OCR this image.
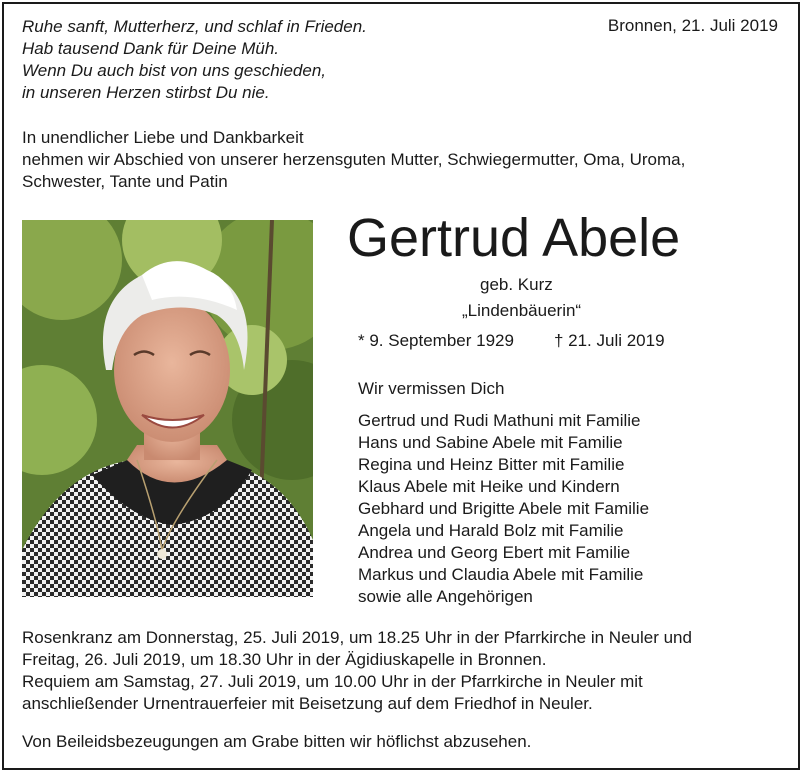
Ruhe sanft, Mutterherz, und schlaf in Frieden.
Hab tausend Dank für Deine Müh.
Wenn Du auch bist von uns geschieden,
in unseren Herzen stirbst Du nie.
Bronnen, 21. Juli 2019
In unendlicher Liebe und Dankbarkeit
nehmen wir Abschied von unserer herzensguten Mutter, Schwiegermutter, Oma, Uroma,
Schwester, Tante und Patin
Gertrud Abele
geb. Kurz
„Lindenbäuerin“
* 9. September 1929 † 21. Juli 2019
Wir vermissen Dich
Gertrud und Rudi Mathuni mit Familie
Hans und Sabine Abele mit Familie
Regina und Heinz Bitter mit Familie
Klaus Abele mit Heike und Kindern
Gebhard und Brigitte Abele mit Familie
Angela und Harald Bolz mit Familie
Andrea und Georg Ebert mit Familie
Markus und Claudia Abele mit Familie
sowie alle Angehörigen
Rosenkranz am Donnerstag, 25. Juli 2019, um 18.25 Uhr in der Pfarrkirche in Neuler und
Freitag, 26. Juli 2019, um 18.30 Uhr in der Ägidiuskapelle in Bronnen.
Requiem am Samstag, 27. Juli 2019, um 10.00 Uhr in der Pfarrkirche in Neuler mit
anschließender Urnentrauerfeier mit Beisetzung auf dem Friedhof in Neuler.
Von Beileidsbezeugungen am Grabe bitten wir höflichst abzusehen.
